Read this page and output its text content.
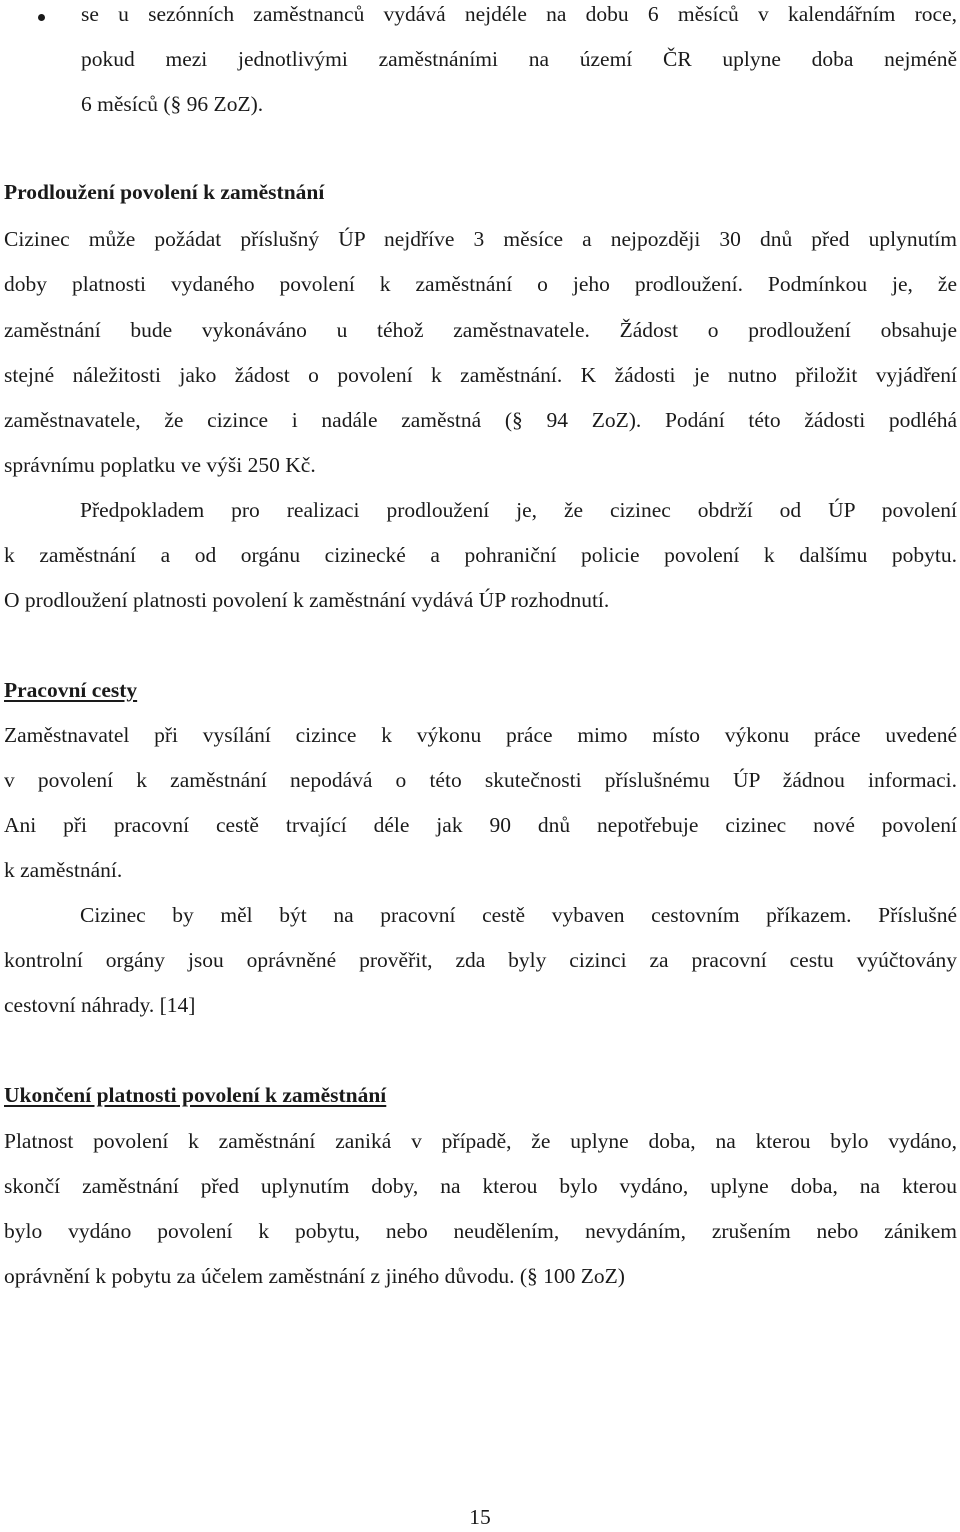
se u sezónních zaměstnanců vydává nejdéle na dobu 6 měsíců v kalendářním roce,
pokud mezi jednotlivými zaměstnáními na území ČR uplyne doba nejméně
6 měsíců (§ 96 ZoZ).
Prodloužení povolení k zaměstnání
Cizinec může požádat příslušný ÚP nejdříve 3 měsíce a nejpozději 30 dnů před uplynutím
doby platnosti vydaného povolení k zaměstnání o jeho prodloužení. Podmínkou je, že
zaměstnání bude vykonáváno u téhož zaměstnavatele. Žádost o prodloužení obsahuje
stejné náležitosti jako žádost o povolení k zaměstnání. K žádosti je nutno přiložit vyjádření
zaměstnavatele, že cizince i nadále zaměstná (§ 94 ZoZ). Podání této žádosti podléhá
správnímu poplatku ve výši 250 Kč.
Předpokladem pro realizaci prodloužení je, že cizinec obdrží od ÚP povolení
k zaměstnání a od orgánu cizinecké a pohraniční policie povolení k dalšímu pobytu.
O prodloužení platnosti povolení k zaměstnání vydává ÚP rozhodnutí.
Pracovní cesty
Zaměstnavatel při vysílání cizince k výkonu práce mimo místo výkonu práce uvedené
v povolení k zaměstnání nepodává o této skutečnosti příslušnému ÚP žádnou informaci.
Ani při pracovní cestě trvající déle jak 90 dnů nepotřebuje cizinec nové povolení
k zaměstnání.
Cizinec by měl být na pracovní cestě vybaven cestovním příkazem. Příslušné
kontrolní orgány jsou oprávněné prověřit, zda byly cizinci za pracovní cestu vyúčtovány
cestovní náhrady. [14]
Ukončení platnosti povolení k zaměstnání
Platnost povolení k zaměstnání zaniká v případě, že uplyne doba, na kterou bylo vydáno,
skončí zaměstnání před uplynutím doby, na kterou bylo vydáno, uplyne doba, na kterou
bylo vydáno povolení k pobytu, nebo neudělením, nevydáním, zrušením nebo zánikem
oprávnění k pobytu za účelem zaměstnání z jiného důvodu. (§ 100 ZoZ)
15
